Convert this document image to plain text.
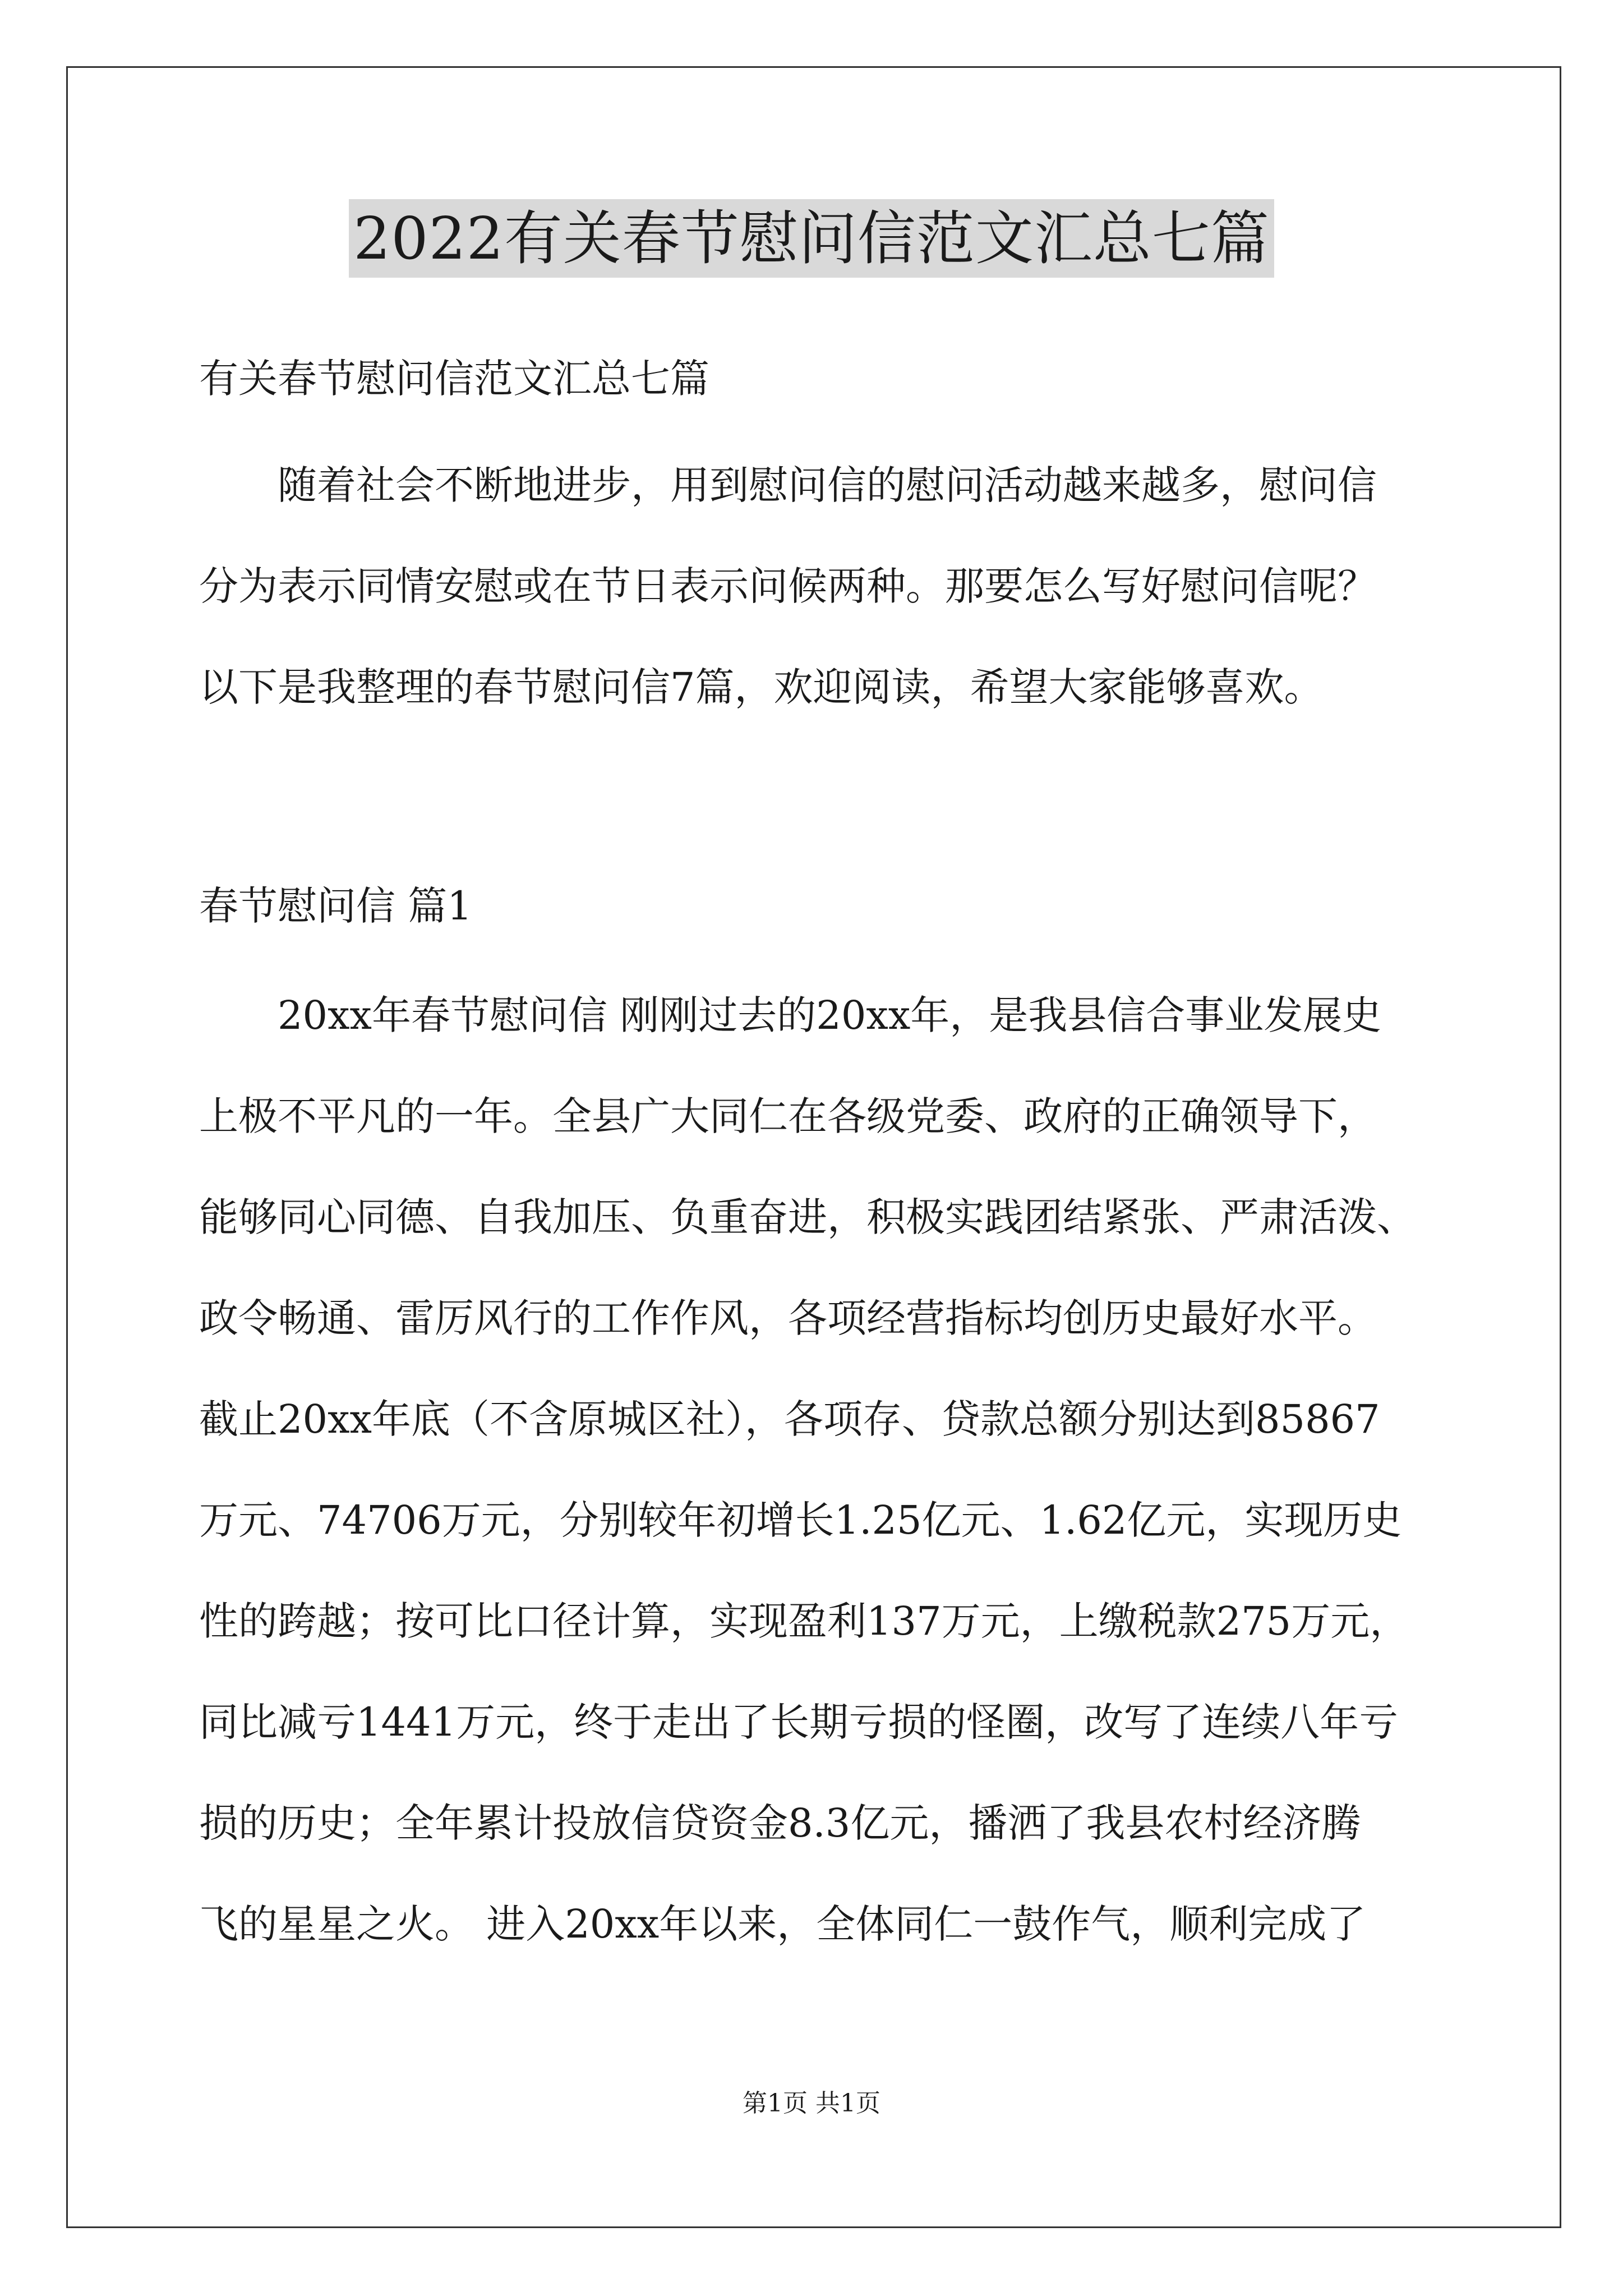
2022有关春节慰问信范文汇总七篇
有关春节慰问信范文汇总七篇
随着社会不断地进步，用到慰问信的慰问活动越来越多，慰问信
分为表示同情安慰或在节日表示问候两种。那要怎么写好慰问信呢？
以下是我整理的春节慰问信7篇，欢迎阅读，希望大家能够喜欢。
春节慰问信 篇1
20xx年春节慰问信 刚刚过去的20xx年，是我县信合事业发展史
上极不平凡的一年。全县广大同仁在各级党委、政府的正确领导下，
能够同心同德、自我加压、负重奋进，积极实践团结紧张、严肃活泼、
政令畅通、雷厉风行的工作作风，各项经营指标均创历史最好水平。
截止20xx年底（不含原城区社），各项存、贷款总额分别达到85867
万元、74706万元，分别较年初增长1.25亿元、1.62亿元，实现历史
性的跨越；按可比口径计算，实现盈利137万元，上缴税款275万元，
同比减亏1441万元，终于走出了长期亏损的怪圈，改写了连续八年亏
损的历史；全年累计投放信贷资金8.3亿元，播洒了我县农村经济腾
飞的星星之火。 进入20xx年以来，全体同仁一鼓作气，顺利完成了
第1页 共1页
